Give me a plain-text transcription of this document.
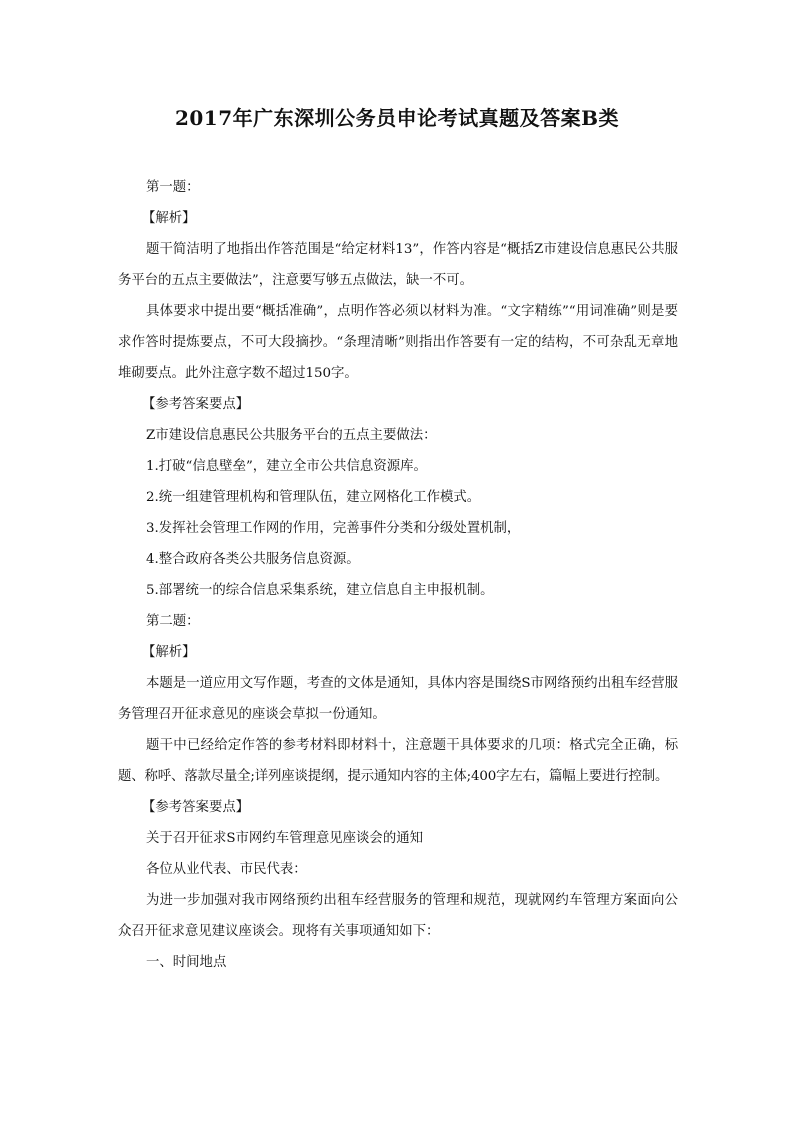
2017年广东深圳公务员申论考试真题及答案B类

第一题：

【解析】

题干简洁明了地指出作答范围是“给定材料13”，作答内容是“概括Z市建设信息惠民公共服务平台的五点主要做法”，注意要写够五点做法，缺一不可。

具体要求中提出要“概括准确”，点明作答必须以材料为准。“文字精练”“用词准确”则是要求作答时提炼要点，不可大段摘抄。“条理清晰”则指出作答要有一定的结构，不可杂乱无章地堆砌要点。此外注意字数不超过150字。

【参考答案要点】

Z市建设信息惠民公共服务平台的五点主要做法：

1.打破“信息壁垒”，建立全市公共信息资源库。

2.统一组建管理机构和管理队伍，建立网格化工作模式。

3.发挥社会管理工作网的作用，完善事件分类和分级处置机制，

4.整合政府各类公共服务信息资源。

5.部署统一的综合信息采集系统，建立信息自主申报机制。

第二题：

【解析】

本题是一道应用文写作题，考查的文体是通知，具体内容是围绕S市网络预约出租车经营服务管理召开征求意见的座谈会草拟一份通知。

题干中已经给定作答的参考材料即材料十，注意题干具体要求的几项：格式完全正确，标题、称呼、落款尽量全;详列座谈提纲，提示通知内容的主体;400字左右，篇幅上要进行控制。

【参考答案要点】

关于召开征求S市网约车管理意见座谈会的通知

各位从业代表、市民代表：

为进一步加强对我市网络预约出租车经营服务的管理和规范，现就网约车管理方案面向公众召开征求意见建议座谈会。现将有关事项通知如下：

一、时间地点
